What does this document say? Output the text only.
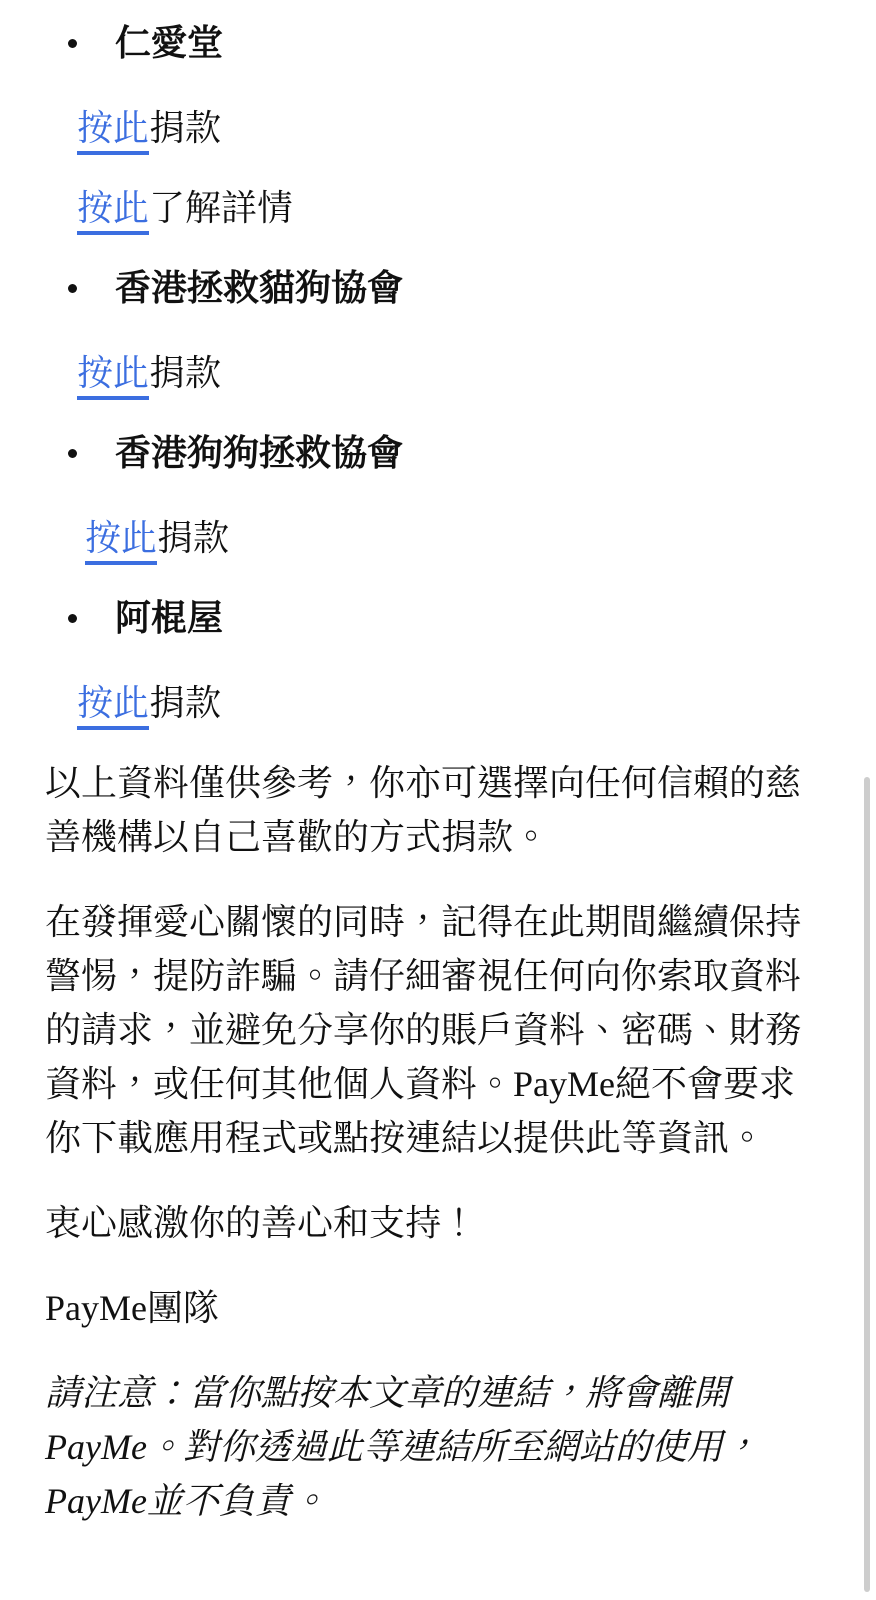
仁愛堂

按此捐款

按此了解詳情

香港拯救貓狗協會

按此捐款

香港狗狗拯救協會

按此捐款

阿棍屋

按此捐款

以上資料僅供參考，你亦可選擇向任何信賴的慈善機構以自己喜歡的方式捐款。

在發揮愛心關懷的同時，記得在此期間繼續保持警惕，提防詐騙。請仔細審視任何向你索取資料的請求，並避免分享你的賬戶資料、密碼、財務資料，或任何其他個人資料。PayMe絕不會要求你下載應用程式或點按連結以提供此等資訊。

衷心感激你的善心和支持！

PayMe團隊

請注意：當你點按本文章的連結，將會離開PayMe。對你透過此等連結所至網站的使用，PayMe並不負責。
